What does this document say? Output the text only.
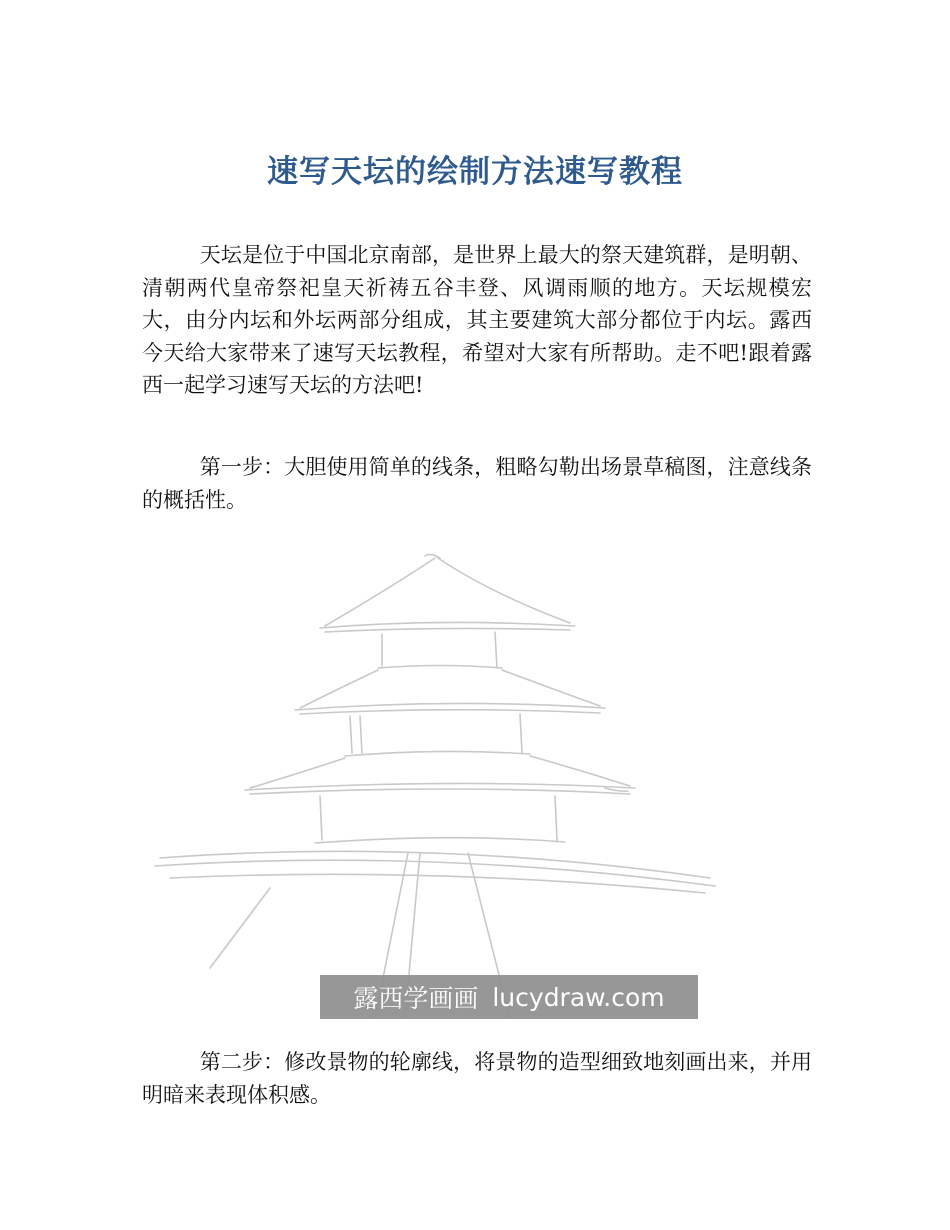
速写天坛的绘制方法速写教程

天坛是位于中国北京南部，是世界上最大的祭天建筑群，是明朝、清朝两代皇帝祭祀皇天祈祷五谷丰登、风调雨顺的地方。天坛规模宏大，由分内坛和外坛两部分组成，其主要建筑大部分都位于内坛。露西今天给大家带来了速写天坛教程，希望对大家有所帮助。走不吧!跟着露西一起学习速写天坛的方法吧!

第一步：大胆使用简单的线条，粗略勾勒出场景草稿图，注意线条的概括性。

露西学画画 lucydraw.com

第二步：修改景物的轮廓线，将景物的造型细致地刻画出来，并用明暗来表现体积感。
